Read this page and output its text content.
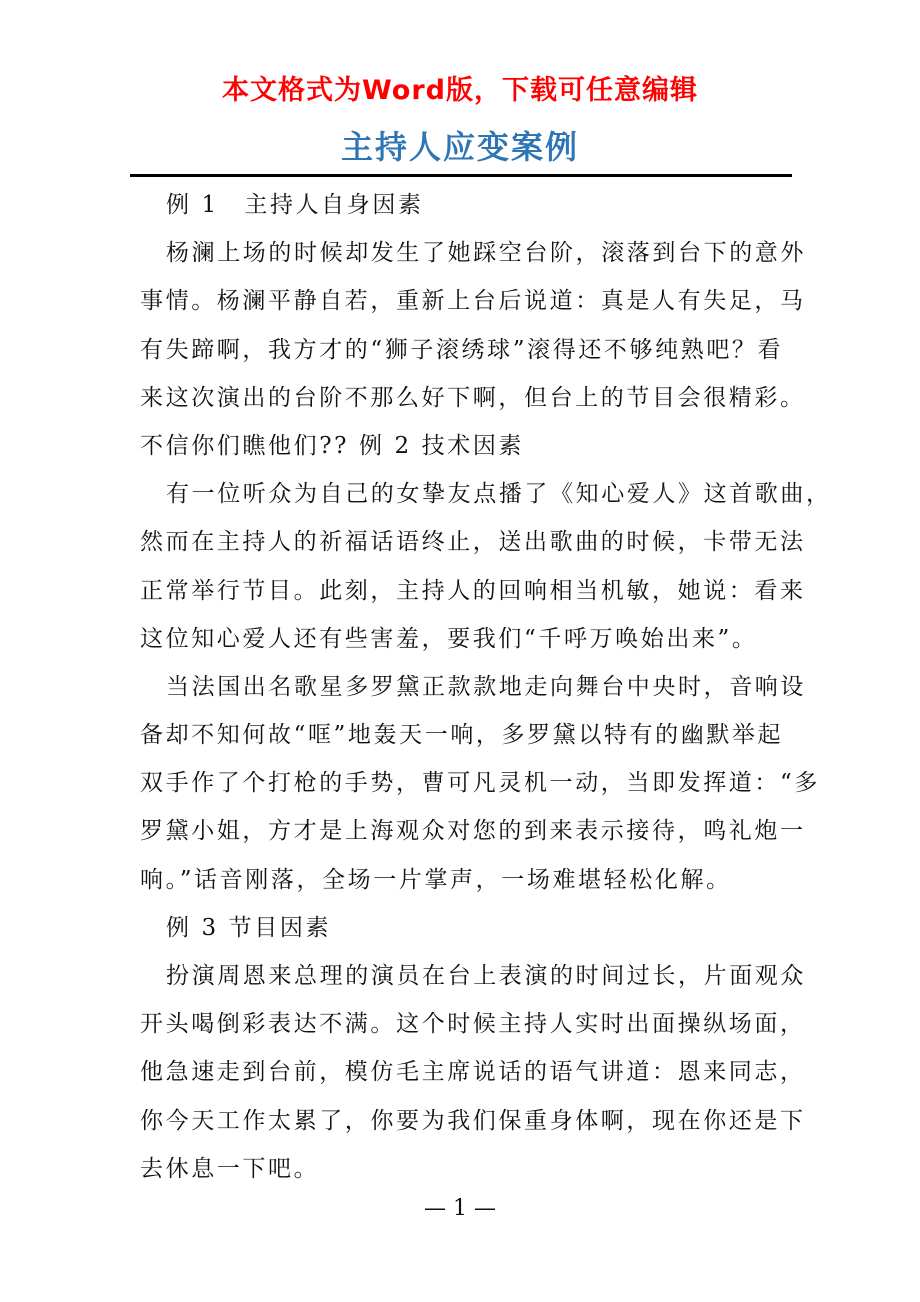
本文格式为Word版，下载可任意编辑
主持人应变案例
例 1　主持人自身因素
杨澜上场的时候却发生了她踩空台阶，滚落到台下的意外
事情。杨澜平静自若，重新上台后说道：真是人有失足，马
有失蹄啊，我方才的“狮子滚绣球”滚得还不够纯熟吧？看
来这次演出的台阶不那么好下啊，但台上的节目会很精彩。
不信你们瞧他们?? 例 2 技术因素
有一位听众为自己的女挚友点播了《知心爱人》这首歌曲，
然而在主持人的祈福话语终止，送出歌曲的时候，卡带无法
正常举行节目。此刻，主持人的回响相当机敏，她说：看来
这位知心爱人还有些害羞，要我们“千呼万唤始出来”。
当法国出名歌星多罗黛正款款地走向舞台中央时，音响设
备却不知何故“哐”地轰天一响，多罗黛以特有的幽默举起
双手作了个打枪的手势，曹可凡灵机一动，当即发挥道：“多
罗黛小姐，方才是上海观众对您的到来表示接待，鸣礼炮一
响。”话音刚落，全场一片掌声，一场难堪轻松化解。
例 3 节目因素
扮演周恩来总理的演员在台上表演的时间过长，片面观众
开头喝倒彩表达不满。这个时候主持人实时出面操纵场面，
他急速走到台前，模仿毛主席说话的语气讲道：恩来同志，
你今天工作太累了，你要为我们保重身体啊，现在你还是下
去休息一下吧。
— 1 —
